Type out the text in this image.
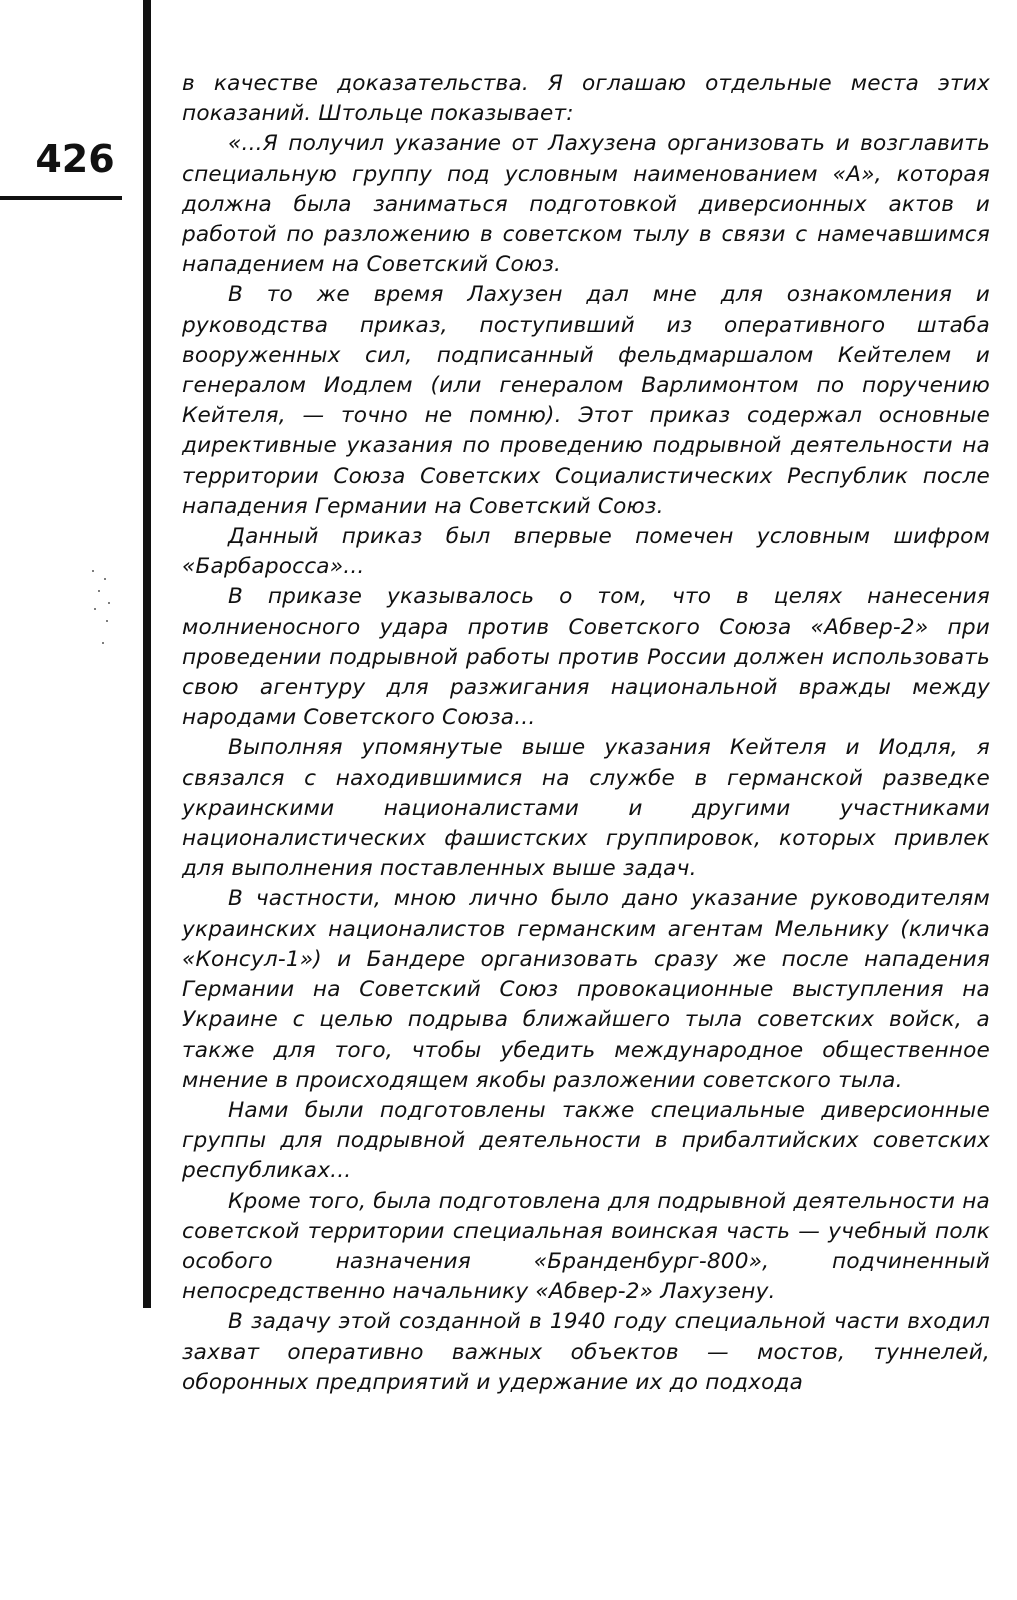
426

в качестве доказательства. Я оглашаю отдельные места этих показаний. Штольце показывает:

«...Я получил указание от Лахузена организовать и возглавить специальную группу под условным наименованием «А», которая должна была заниматься подготовкой диверсионных актов и работой по разложению в советском тылу в связи с намечавшимся нападением на Советский Союз.

В то же время Лахузен дал мне для ознакомления и руководства приказ, поступивший из оперативного штаба вооруженных сил, подписанный фельдмаршалом Кейтелем и генералом Иодлем (или генералом Варлимонтом по поручению Кейтеля, — точно не помню). Этот приказ содержал основные директивные указания по проведению подрывной деятельности на территории Союза Советских Социалистических Республик после нападения Германии на Советский Союз.

Данный приказ был впервые помечен условным шифром «Барбаросса»...

В приказе указывалось о том, что в целях нанесения молниеносного удара против Советского Союза «Абвер-2» при проведении подрывной работы против России должен использовать свою агентуру для разжигания национальной вражды между народами Советского Союза...

Выполняя упомянутые выше указания Кейтеля и Иодля, я связался с находившимися на службе в германской разведке украинскими националистами и другими участниками националистических фашистских группировок, которых привлек для выполнения поставленных выше задач.

В частности, мною лично было дано указание руководителям украинских националистов германским агентам Мельнику (кличка «Консул-1») и Бандере организовать сразу же после нападения Германии на Советский Союз провокационные выступления на Украине с целью подрыва ближайшего тыла советских войск, а также для того, чтобы убедить международное общественное мнение в происходящем якобы разложении советского тыла.

Нами были подготовлены также специальные диверсионные группы для подрывной деятельности в прибалтийских советских республиках...

Кроме того, была подготовлена для подрывной деятельности на советской территории специальная воинская часть — учебный полк особого назначения «Бранденбург-800», подчиненный непосредственно начальнику «Абвер-2» Лахузену.

В задачу этой созданной в 1940 году специальной части входил захват оперативно важных объектов — мостов, туннелей, оборонных предприятий и удержание их до подхода
